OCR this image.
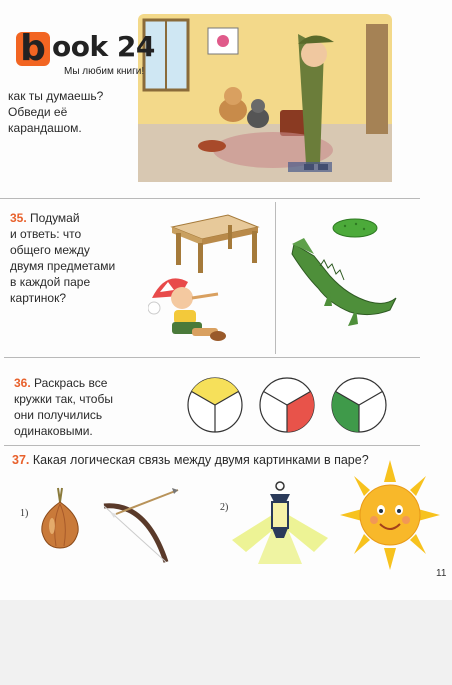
b ook 24
Мы любим книги!
как ты думаешь?
Обведи её
карандашом.
35. Подумай
и ответь: что
общего между
двумя предметами
в каждой паре
картинок?
36. Раскрась все
кружки так, чтобы
они получились
одинаковыми.
37. Какая логическая связь между двумя картинками в паре?
1)
2)
11
